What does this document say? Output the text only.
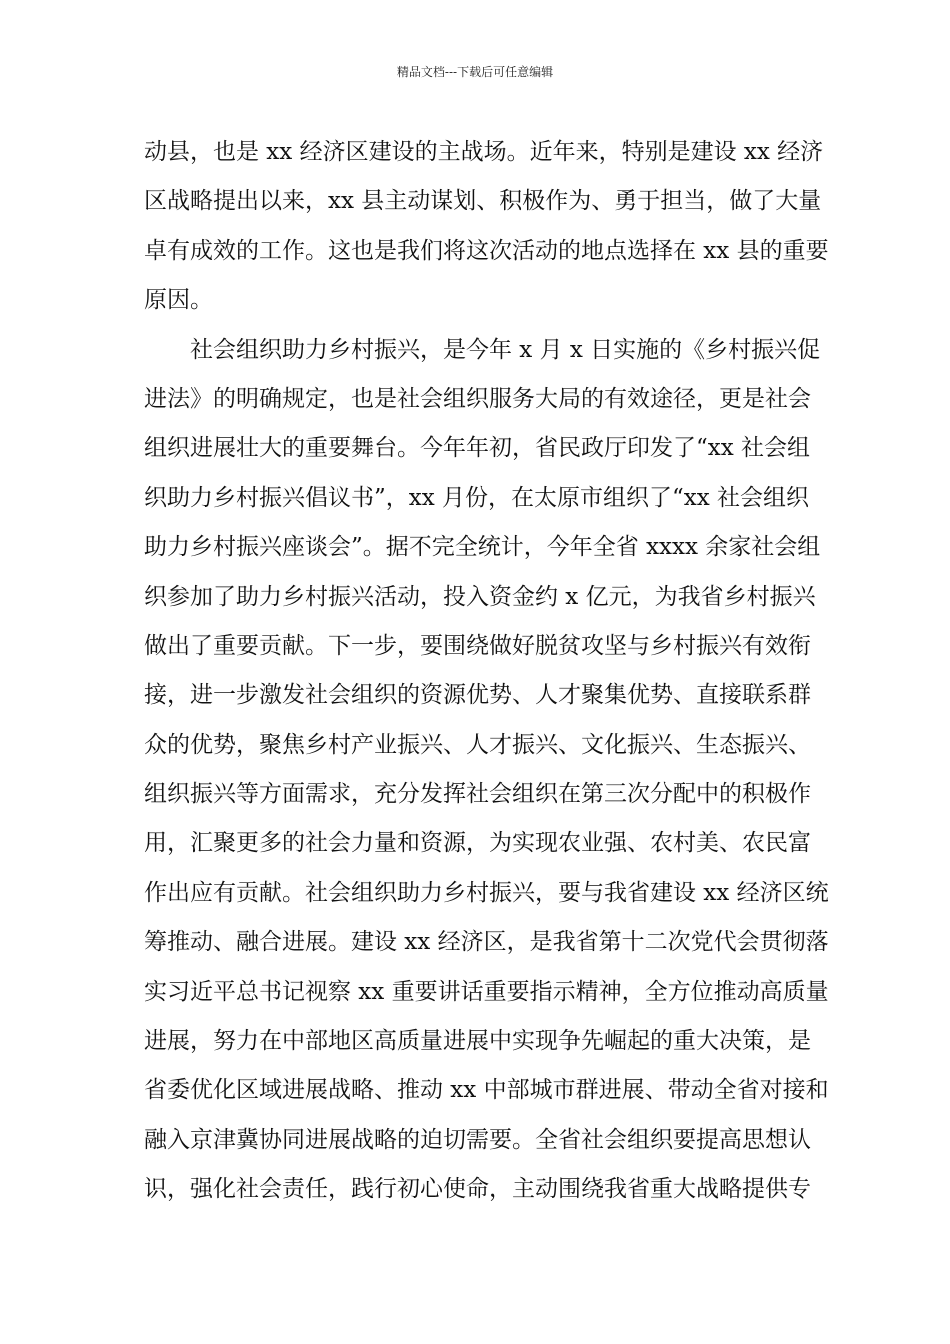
精品文档---下载后可任意编辑
动县，也是 xx 经济区建设的主战场。近年来，特别是建设 xx 经济
区战略提出以来，xx 县主动谋划、积极作为、勇于担当，做了大量
卓有成效的工作。这也是我们将这次活动的地点选择在 xx 县的重要
原因。
社会组织助力乡村振兴，是今年 x 月 x 日实施的《乡村振兴促
进法》的明确规定，也是社会组织服务大局的有效途径，更是社会
组织进展壮大的重要舞台。今年年初，省民政厅印发了“xx 社会组
织助力乡村振兴倡议书”，xx 月份，在太原市组织了“xx 社会组织
助力乡村振兴座谈会”。据不完全统计，今年全省 xxxx 余家社会组
织参加了助力乡村振兴活动，投入资金约 x 亿元，为我省乡村振兴
做出了重要贡献。下一步，要围绕做好脱贫攻坚与乡村振兴有效衔
接，进一步激发社会组织的资源优势、人才聚集优势、直接联系群
众的优势，聚焦乡村产业振兴、人才振兴、文化振兴、生态振兴、
组织振兴等方面需求，充分发挥社会组织在第三次分配中的积极作
用，汇聚更多的社会力量和资源，为实现农业强、农村美、农民富
作出应有贡献。社会组织助力乡村振兴，要与我省建设 xx 经济区统
筹推动、融合进展。建设 xx 经济区，是我省第十二次党代会贯彻落
实习近平总书记视察 xx 重要讲话重要指示精神，全方位推动高质量
进展，努力在中部地区高质量进展中实现争先崛起的重大决策，是
省委优化区域进展战略、推动 xx 中部城市群进展、带动全省对接和
融入京津冀协同进展战略的迫切需要。全省社会组织要提高思想认
识，强化社会责任，践行初心使命，主动围绕我省重大战略提供专
